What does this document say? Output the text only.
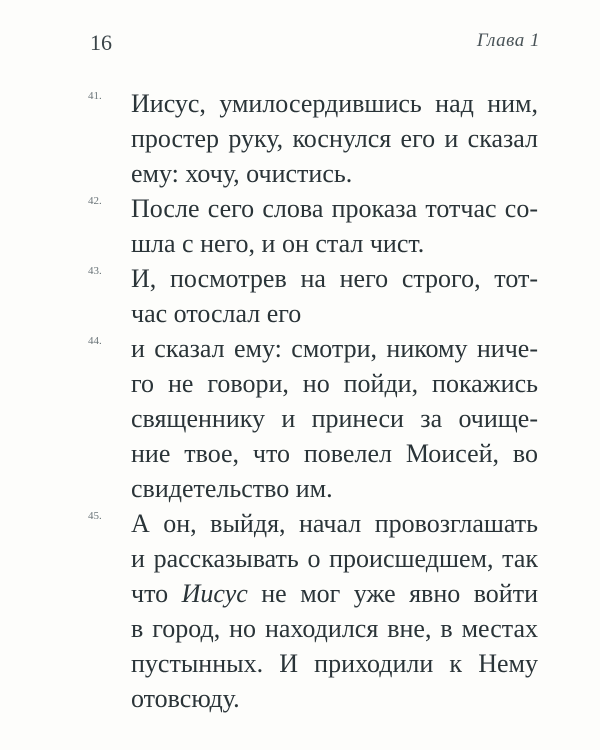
16	Глава 1
41. Иисус, умилосердившись над ним,
простер руку, коснулся его и сказал
ему: хочу, очистись.
42. После сего слова проказа тотчас со-
шла с него, и он стал чист.
43. И, посмотрев на него строго, тот-
час отослал его
44. и сказал ему: смотри, никому ниче-
го не говори, но пойди, покажись
священнику и принеси за очище-
ние твое, что повелел Моисей, во
свидетельство им.
45. А он, выйдя, начал провозглашать
и рассказывать о происшедшем, так
что Иисус не мог уже явно войти
в город, но находился вне, в местах
пустынных. И приходили к Нему
отовсюду.
